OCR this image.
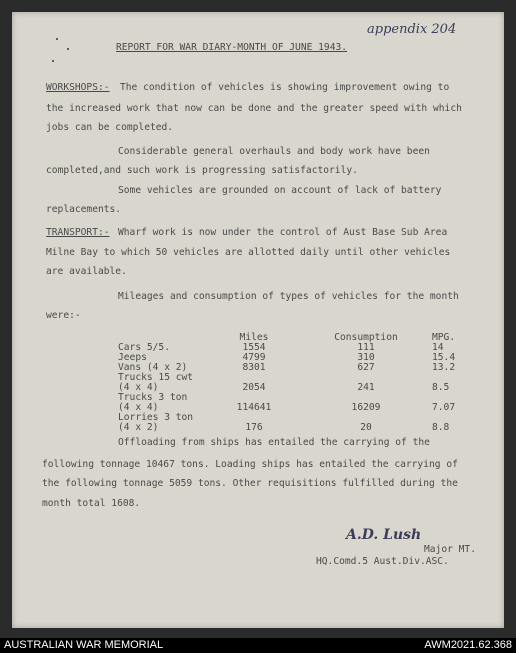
appendix 204
REPORT FOR WAR DIARY-MONTH OF JUNE 1943.
WORKSHOPS:- The condition of vehicles is showing improvement owing to
the increased work that now can be done and the greater speed with which
jobs can be completed.
Considerable general overhauls and body work have been
completed,and such work is progressing satisfactorily.
Some vehicles are grounded on account of lack of battery
replacements.
TRANSPORT:- Wharf work is now under the control of Aust Base Sub Area
Milne Bay to which 50 vehicles are allotted daily until other vehicles
are available.
Mileages and consumption of types of vehicles for the month
were:-
	Miles	Consumption	MPG.
Cars 5/5.	1554	111	14
Jeeps	4799	310	15.4
Vans (4 x 2)	8301	627	13.2
Trucks 15 cwt			
(4 x 4)	2054	241	8.5
Trucks 3 ton			
(4 x 4)	114641	16209	7.07
Lorries 3 ton			
(4 x 2)	176	20	8.8
Offloading from ships has entailed the carrying of the
following tonnage 10467 tons. Loading ships has entailed the carrying of
the following tonnage 5059 tons. Other requisitions fulfilled during the
month total 1608.
A.D. Lush
Major MT.
HQ.Comd.5 Aust.Div.ASC.
AUSTRALIAN WAR MEMORIAL	AWM2021.62.368
